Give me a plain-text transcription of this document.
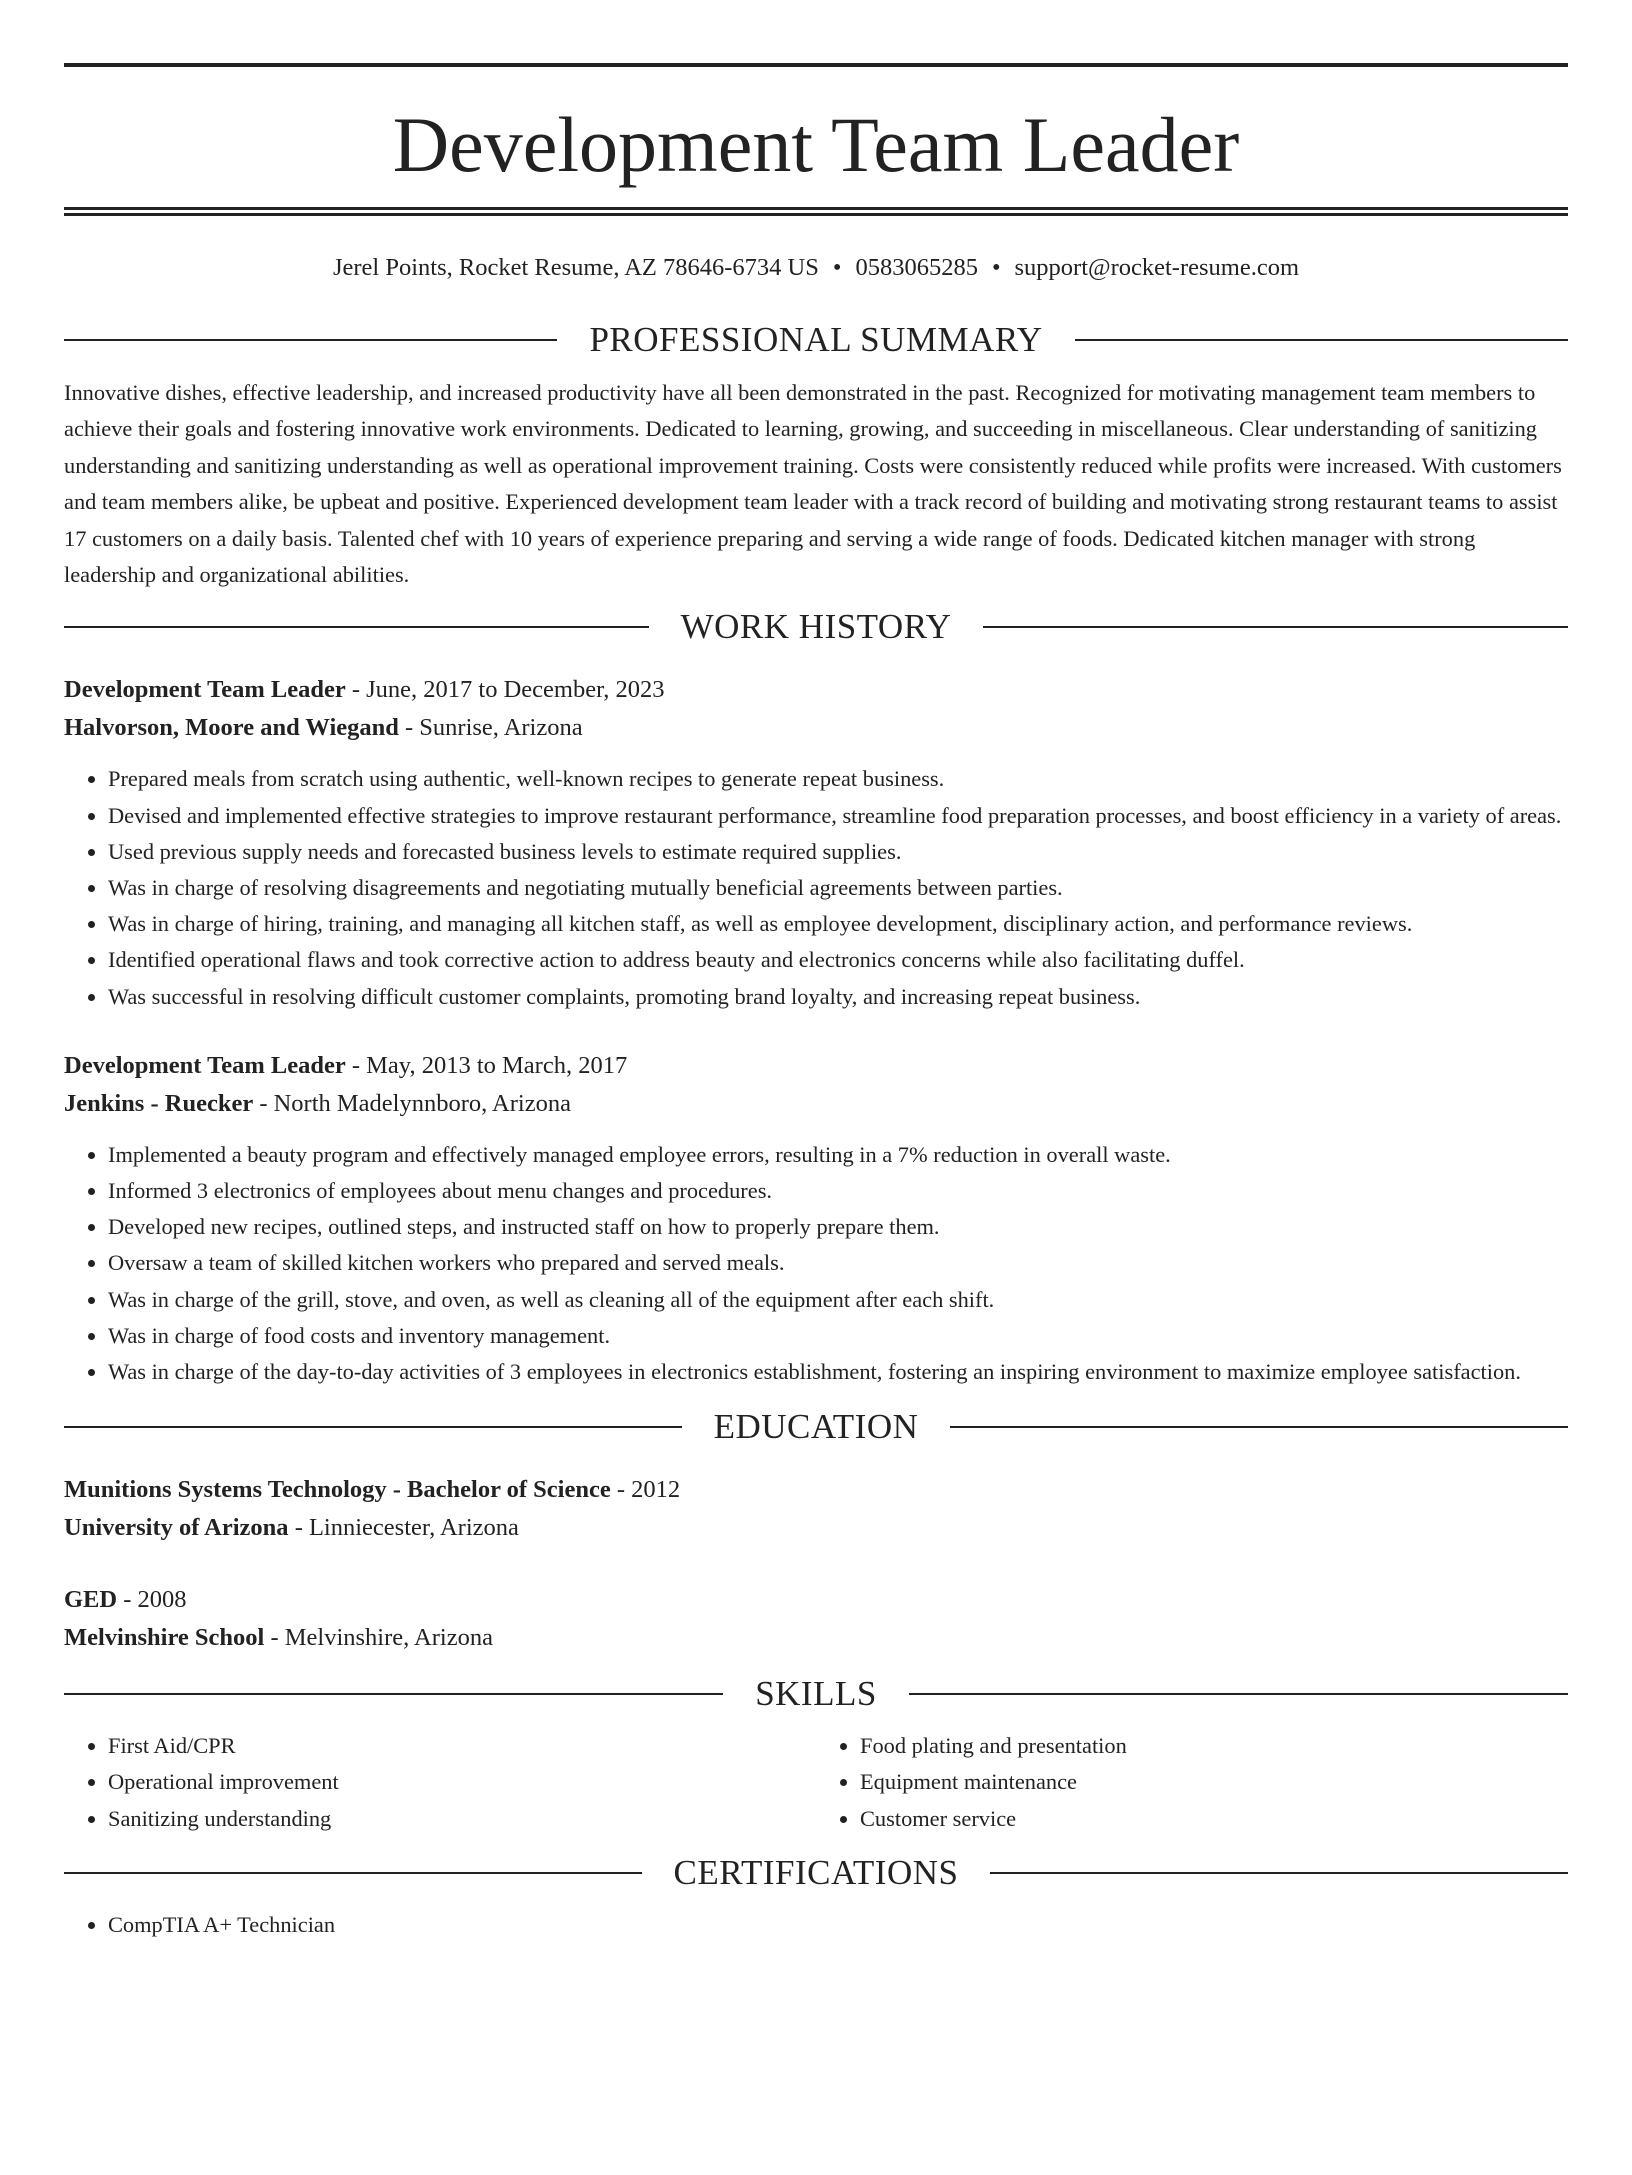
Development Team Leader
Jerel Points, Rocket Resume, AZ 78646-6734 US • 0583065285 • support@rocket-resume.com
PROFESSIONAL SUMMARY

Innovative dishes, effective leadership, and increased productivity have all been demonstrated in the past. Recognized for motivating management team members to achieve their goals and fostering innovative work environments. Dedicated to learning, growing, and succeeding in miscellaneous. Clear understanding of sanitizing understanding and sanitizing understanding as well as operational improvement training. Costs were consistently reduced while profits were increased. With customers and team members alike, be upbeat and positive. Experienced development team leader with a track record of building and motivating strong restaurant teams to assist 17 customers on a daily basis. Talented chef with 10 years of experience preparing and serving a wide range of foods. Dedicated kitchen manager with strong leadership and organizational abilities.

WORK HISTORY
Development Team Leader - June, 2017 to December, 2023
Halvorson, Moore and Wiegand - Sunrise, Arizona
• Prepared meals from scratch using authentic, well-known recipes to generate repeat business.
• Devised and implemented effective strategies to improve restaurant performance, streamline food preparation processes, and boost efficiency in a variety of areas.
• Used previous supply needs and forecasted business levels to estimate required supplies.
• Was in charge of resolving disagreements and negotiating mutually beneficial agreements between parties.
• Was in charge of hiring, training, and managing all kitchen staff, as well as employee development, disciplinary action, and performance reviews.
• Identified operational flaws and took corrective action to address beauty and electronics concerns while also facilitating duffel.
• Was successful in resolving difficult customer complaints, promoting brand loyalty, and increasing repeat business.
Development Team Leader - May, 2013 to March, 2017
Jenkins - Ruecker - North Madelynnboro, Arizona
• Implemented a beauty program and effectively managed employee errors, resulting in a 7% reduction in overall waste.
• Informed 3 electronics of employees about menu changes and procedures.
• Developed new recipes, outlined steps, and instructed staff on how to properly prepare them.
• Oversaw a team of skilled kitchen workers who prepared and served meals.
• Was in charge of the grill, stove, and oven, as well as cleaning all of the equipment after each shift.
• Was in charge of food costs and inventory management.
• Was in charge of the day-to-day activities of 3 employees in electronics establishment, fostering an inspiring environment to maximize employee satisfaction.
EDUCATION
Munitions Systems Technology - Bachelor of Science - 2012
University of Arizona - Linniecester, Arizona
GED - 2008
Melvinshire School - Melvinshire, Arizona
SKILLS
• First Aid/CPR
• Operational improvement
• Sanitizing understanding
• Food plating and presentation
• Equipment maintenance
• Customer service
CERTIFICATIONS
• CompTIA A+ Technician
